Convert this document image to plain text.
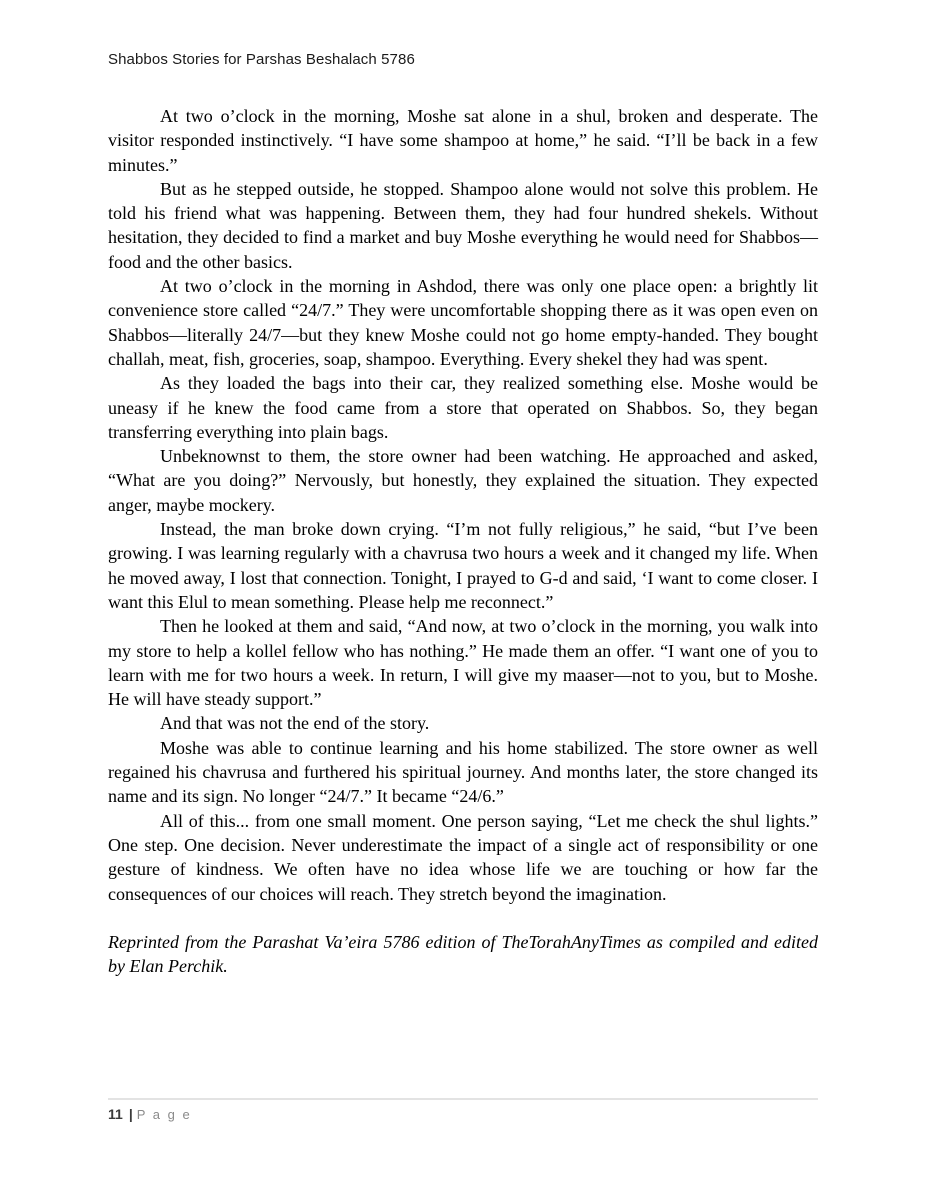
Shabbos Stories for Parshas Beshalach 5786

At two o’clock in the morning, Moshe sat alone in a shul, broken and desperate. The visitor responded instinctively. “I have some shampoo at home,” he said. “I’ll be back in a few minutes.”

But as he stepped outside, he stopped. Shampoo alone would not solve this problem. He told his friend what was happening. Between them, they had four hundred shekels. Without hesitation, they decided to find a market and buy Moshe everything he would need for Shabbos—food and the other basics.

At two o’clock in the morning in Ashdod, there was only one place open: a brightly lit convenience store called “24/7.” They were uncomfortable shopping there as it was open even on Shabbos—literally 24/7—but they knew Moshe could not go home empty-handed. They bought challah, meat, fish, groceries, soap, shampoo. Everything. Every shekel they had was spent.

As they loaded the bags into their car, they realized something else. Moshe would be uneasy if he knew the food came from a store that operated on Shabbos. So, they began transferring everything into plain bags.

Unbeknownst to them, the store owner had been watching. He approached and asked, “What are you doing?” Nervously, but honestly, they explained the situation. They expected anger, maybe mockery.

Instead, the man broke down crying. “I’m not fully religious,” he said, “but I’ve been growing. I was learning regularly with a chavrusa two hours a week and it changed my life. When he moved away, I lost that connection. Tonight, I prayed to G-d and said, ‘I want to come closer. I want this Elul to mean something. Please help me reconnect.”

Then he looked at them and said, “And now, at two o’clock in the morning, you walk into my store to help a kollel fellow who has nothing.” He made them an offer. “I want one of you to learn with me for two hours a week. In return, I will give my maaser—not to you, but to Moshe. He will have steady support.”

And that was not the end of the story.

Moshe was able to continue learning and his home stabilized. The store owner as well regained his chavrusa and furthered his spiritual journey. And months later, the store changed its name and its sign. No longer “24/7.” It became “24/6.”

All of this... from one small moment. One person saying, “Let me check the shul lights.” One step. One decision. Never underestimate the impact of a single act of responsibility or one gesture of kindness. We often have no idea whose life we are touching or how far the consequences of our choices will reach. They stretch beyond the imagination.

Reprinted from the Parashat Va’eira 5786 edition of TheTorahAnyTimes as compiled and edited by Elan Perchik.

11 | P a g e
